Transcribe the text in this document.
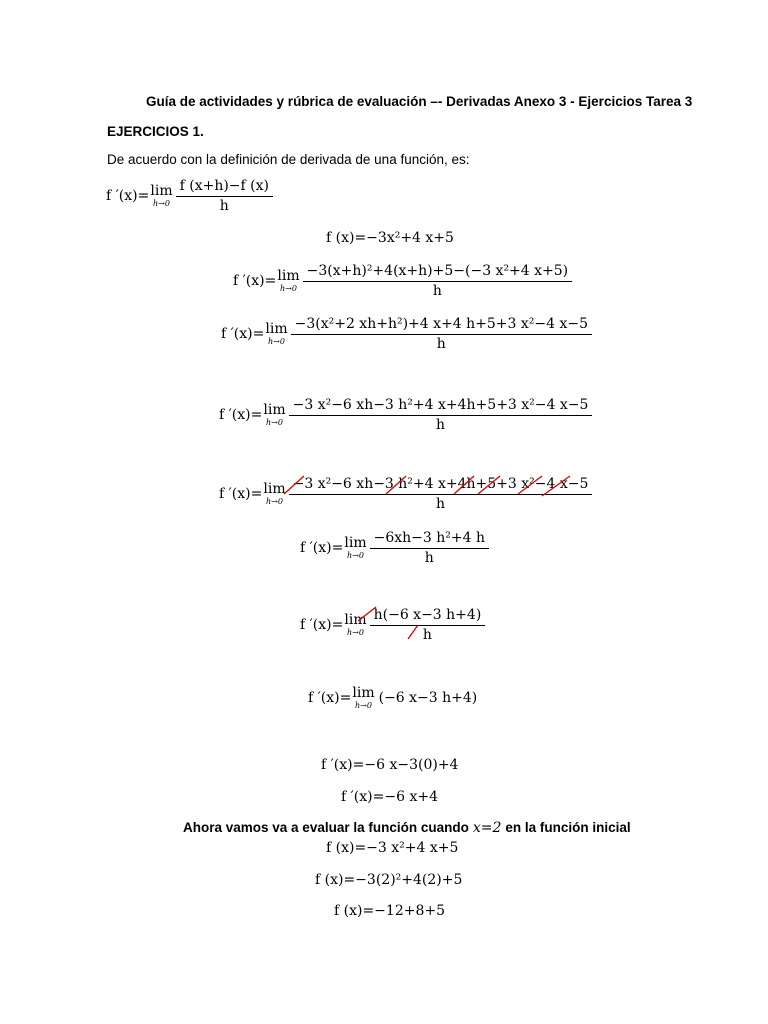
Guía de actividades y rúbrica de evaluación –- Derivadas Anexo 3 - Ejercicios Tarea 3
EJERCICIOS 1.
De acuerdo con la definición de derivada de una función, es:
f ′(x)= lim
$h\to 0 \frac{f (x+h)-f (x)}{h}$
f (x)=−3x²+4 x+5
f ′(x)= lim
$h\to 0 \frac{\text{−3(x+h)²+4(x+h)+5−(−3 x²+4 x+5)}}{h}$
f ′(x)= lim
$h\to 0 \frac{\text{−3(x²+2 xh+h²)+4 x+4 h+5+3 x²−4 x−5}}{h}$
f ′(x)= lim
$h\to 0 \frac{\text{−3 x²−6 xh−3 h²+4 x+4h+5+3 x²−4 x−5}}{h}$
f ′(x)= lim
$h\to 0 \frac{\text{−3 x²−6 xh−3 h²+4 x+4h+5+3 x²−4 x−5}}{h}$
f ′(x)= lim
$h\to 0 \frac{\text{−6xh−3 h²+4 h}}{h}$
f ′(x)= lim
$h\to 0 \frac{h(-6 x-3 h+4)}{h}$
f ′(x)= lim
h→0 (−6 x−3 h+4)
f ′(x)=−6 x−3(0)+4
f ′(x)=−6 x+4
Ahora vamos va a evaluar la función cuando x=2 en la función inicial
f (x)=−3 x²+4 x+5
f (x)=−3(2)²+4(2)+5
f (x)=−12+8+5
